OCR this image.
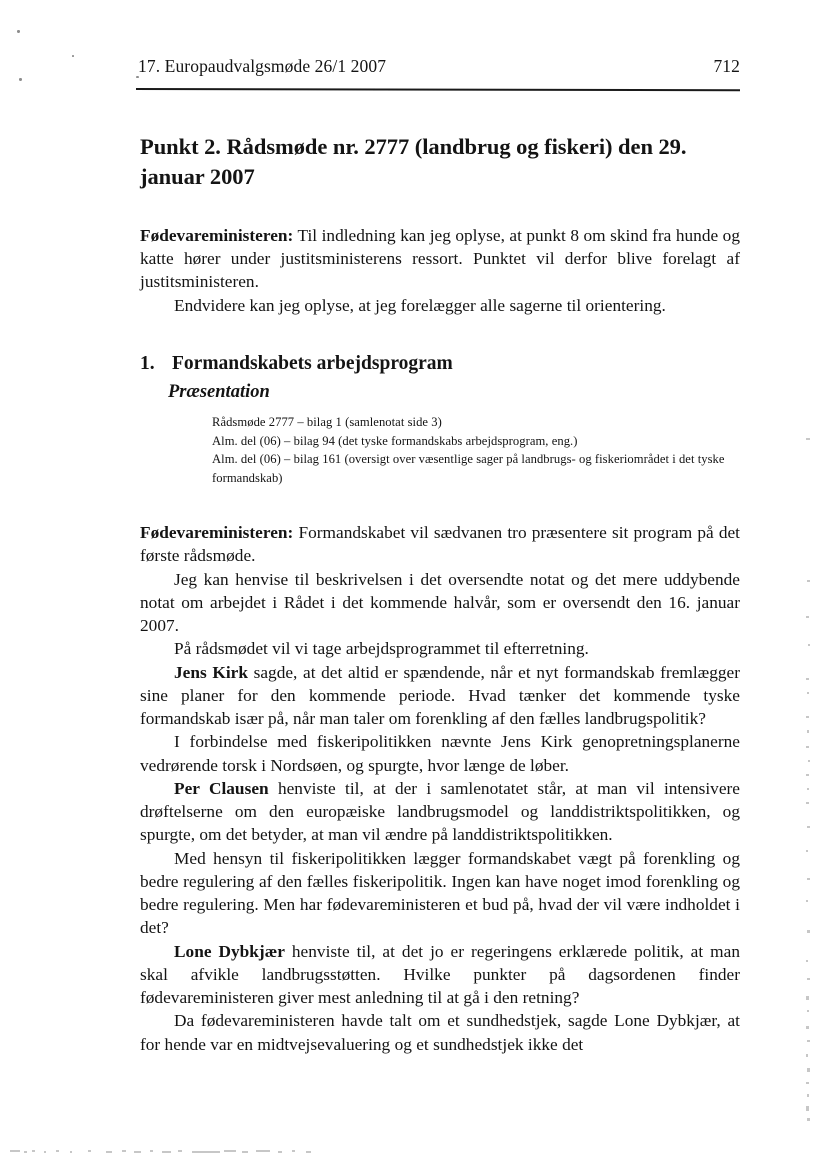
17. Europaudvalgsmøde 26/1 2007	712
Punkt 2. Rådsmøde nr. 2777 (landbrug og fiskeri) den 29. januar 2007

Fødevareministeren: Til indledning kan jeg oplyse, at punkt 8 om skind fra hunde og katte hører under justitsministerens ressort. Punktet vil derfor blive forelagt af justitsministeren.

Endvidere kan jeg oplyse, at jeg forelægger alle sagerne til orientering.

1. Formandskabets arbejdsprogram
Præsentation
Rådsmøde 2777 – bilag 1 (samlenotat side 3)
Alm. del (06) – bilag 94 (det tyske formandskabs arbejdsprogram, eng.)
Alm. del (06) – bilag 161 (oversigt over væsentlige sager på landbrugs- og fiskeriområdet i det tyske formandskab)

Fødevareministeren: Formandskabet vil sædvanen tro præsentere sit program på det første rådsmøde.

Jeg kan henvise til beskrivelsen i det oversendte notat og det mere uddybende notat om arbejdet i Rådet i det kommende halvår, som er oversendt den 16. januar 2007.

På rådsmødet vil vi tage arbejdsprogrammet til efterretning.

Jens Kirk sagde, at det altid er spændende, når et nyt formandskab fremlægger sine planer for den kommende periode. Hvad tænker det kommende tyske formandskab især på, når man taler om forenkling af den fælles landbrugspolitik?

I forbindelse med fiskeripolitikken nævnte Jens Kirk genopretningsplanerne vedrørende torsk i Nordsøen, og spurgte, hvor længe de løber.

Per Clausen henviste til, at der i samlenotatet står, at man vil intensivere drøftelserne om den europæiske landbrugsmodel og landdistriktspolitikken, og spurgte, om det betyder, at man vil ændre på landdistriktspolitikken.

Med hensyn til fiskeripolitikken lægger formandskabet vægt på forenkling og bedre regulering af den fælles fiskeripolitik. Ingen kan have noget imod forenkling og bedre regulering. Men har fødevareministeren et bud på, hvad der vil være indholdet i det?

Lone Dybkjær henviste til, at det jo er regeringens erklærede politik, at man skal afvikle landbrugsstøtten. Hvilke punkter på dagsordenen finder fødevareministeren giver mest anledning til at gå i den retning?

Da fødevareministeren havde talt om et sundhedstjek, sagde Lone Dybkjær, at for hende var en midtvejsevaluering og et sundhedstjek ikke det
